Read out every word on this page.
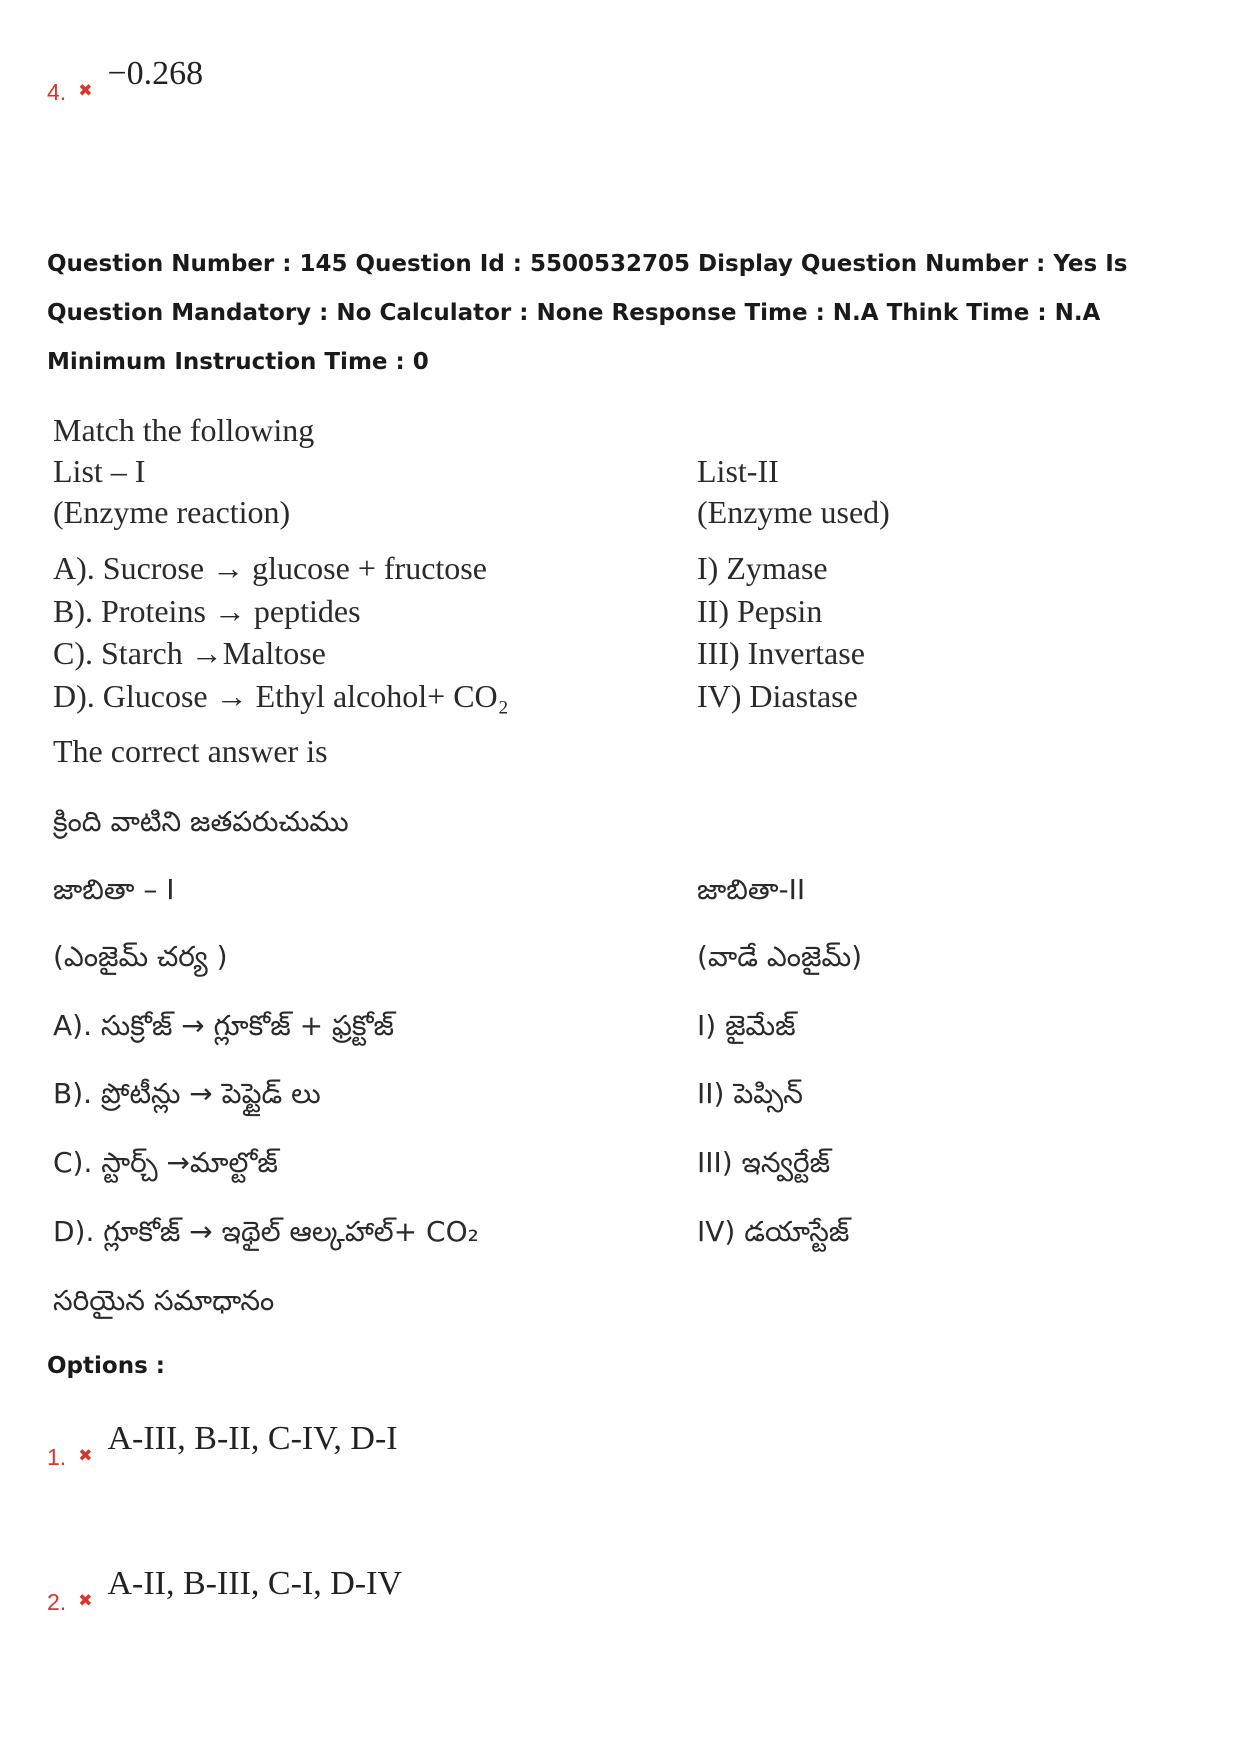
4. ✖ −0.268
Question Number : 145 Question Id : 5500532705 Display Question Number : Yes Is Question Mandatory : No Calculator : None Response Time : N.A Think Time : N.A Minimum Instruction Time : 0
Match the following
List – I
(Enzyme reaction)
List-II
(Enzyme used)
A). Sucrose → glucose + fructose
B). Proteins → peptides
C). Starch →Maltose
D). Glucose → Ethyl alcohol+ CO₂
I) Zymase
II) Pepsin
III) Invertase
IV) Diastase
The correct answer is
క్రింది వాటిని జతపరుచుము
జాబితా – I	జాబితా-II
(ఎంజైమ్ చర్య )	(వాడే ఎంజైమ్)
A). సుక్రోజ్ → గ్లూకోజ్ + ఫ్రక్టోజ్
B). ప్రోటీన్లు → పెప్టైడ్ లు
C). స్టార్చ్ →మాల్టోజ్
D). గ్లూకోజ్ → ఇథైల్ ఆల్కహాల్+ CO₂
I) జైమేజ్
II) పెప్సిన్
III) ఇన్వర్టేజ్
IV) డయాస్టేజ్
సరియైన సమాధానం
Options :
1. ✖ A-III, B-II, C-IV, D-I
2. ✖ A-II, B-III, C-I, D-IV
